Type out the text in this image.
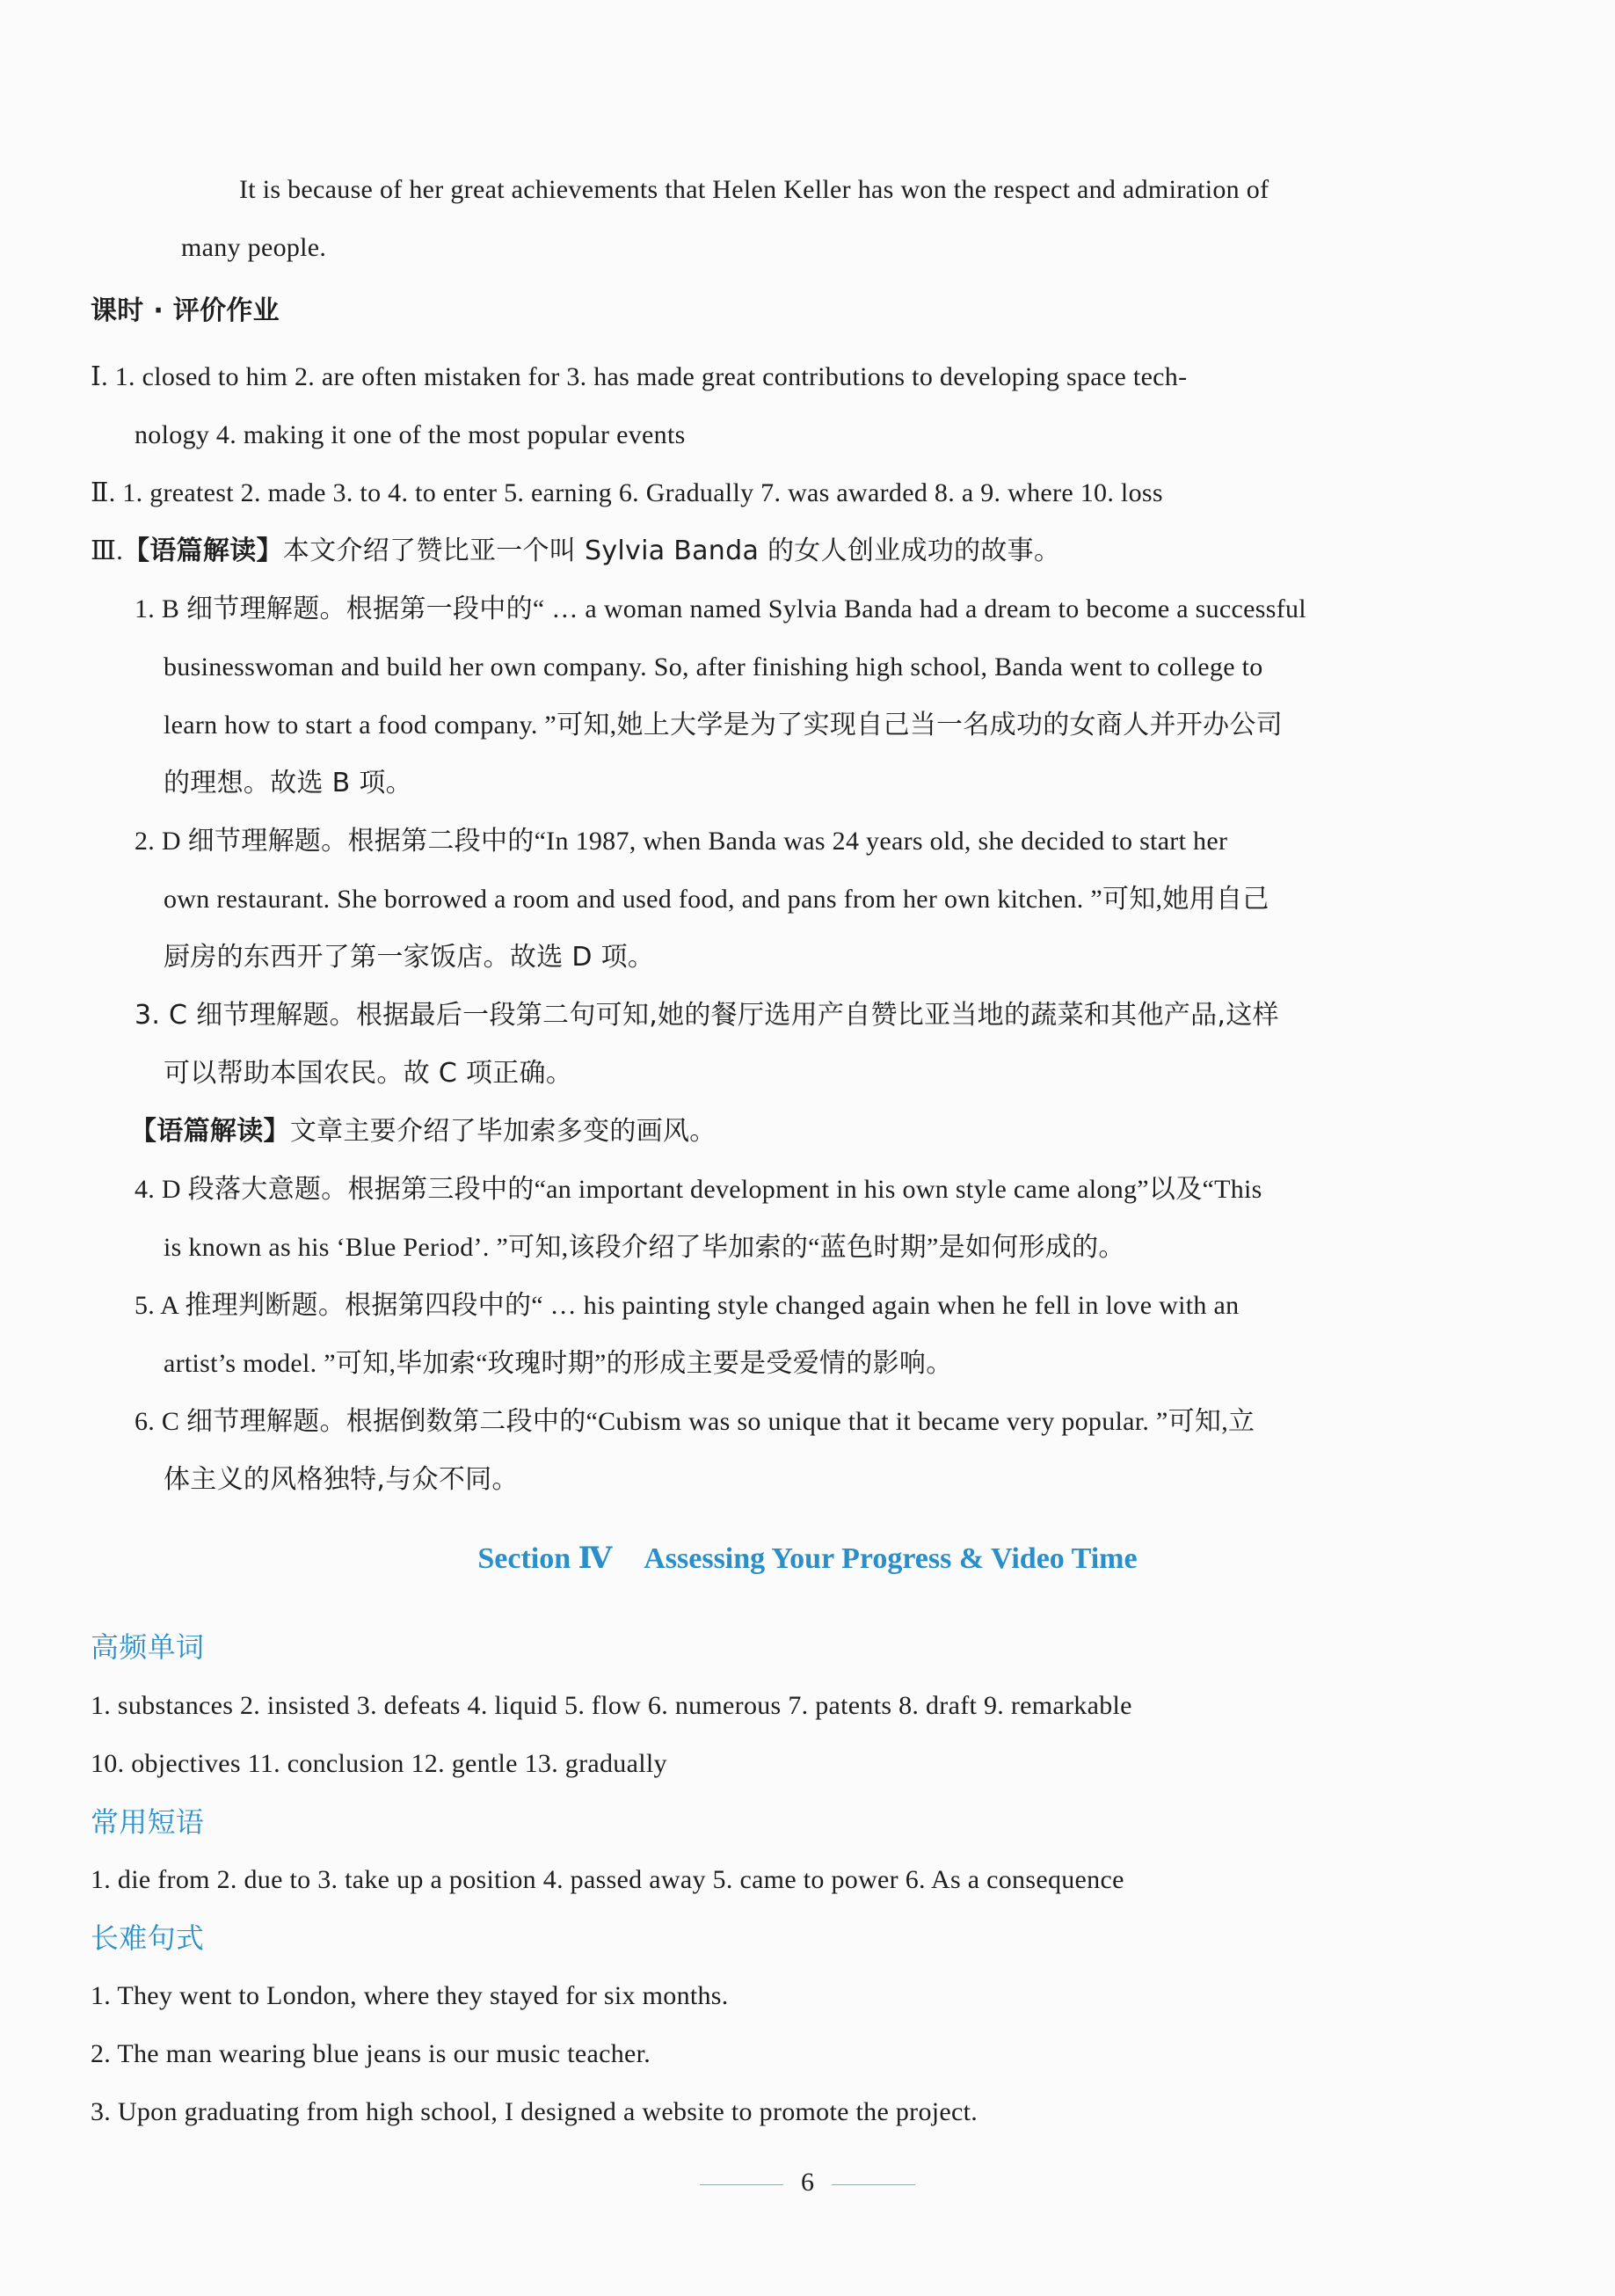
It is because of her great achievements that Helen Keller has won the respect and admiration of
many people.
课时 · 评价作业
Ⅰ. 1. closed to him 2. are often mistaken for 3. has made great contributions to developing space tech-
nology 4. making it one of the most popular events
Ⅱ. 1. greatest 2. made 3. to 4. to enter 5. earning 6. Gradually 7. was awarded 8. a 9. where 10. loss
Ⅲ.【语篇解读】本文介绍了赞比亚一个叫 Sylvia Banda 的女人创业成功的故事。
1. B 细节理解题。根据第一段中的“ … a woman named Sylvia Banda had a dream to become a successful
businesswoman and build her own company. So, after finishing high school, Banda went to college to
learn how to start a food company. ”可知,她上大学是为了实现自己当一名成功的女商人并开办公司
的理想。故选 B 项。
2. D 细节理解题。根据第二段中的“In 1987, when Banda was 24 years old, she decided to start her
own restaurant. She borrowed a room and used food, and pans from her own kitchen. ”可知,她用自己
厨房的东西开了第一家饭店。故选 D 项。
3. C 细节理解题。根据最后一段第二句可知,她的餐厅选用产自赞比亚当地的蔬菜和其他产品,这样
可以帮助本国农民。故 C 项正确。
【语篇解读】文章主要介绍了毕加索多变的画风。
4. D 段落大意题。根据第三段中的“an important development in his own style came along”以及“This
is known as his ‘Blue Period’. ”可知,该段介绍了毕加索的“蓝色时期”是如何形成的。
5. A 推理判断题。根据第四段中的“ … his painting style changed again when he fell in love with an
artist’s model. ”可知,毕加索“玫瑰时期”的形成主要是受爱情的影响。
6. C 细节理解题。根据倒数第二段中的“Cubism was so unique that it became very popular. ”可知,立
体主义的风格独特,与众不同。
Section Ⅳ Assessing Your Progress & Video Time
高频单词
1. substances 2. insisted 3. defeats 4. liquid 5. flow 6. numerous 7. patents 8. draft 9. remarkable
10. objectives 11. conclusion 12. gentle 13. gradually
常用短语
1. die from 2. due to 3. take up a position 4. passed away 5. came to power 6. As a consequence
长难句式
1. They went to London, where they stayed for six months.
2. The man wearing blue jeans is our music teacher.
3. Upon graduating from high school, I designed a website to promote the project.
6
